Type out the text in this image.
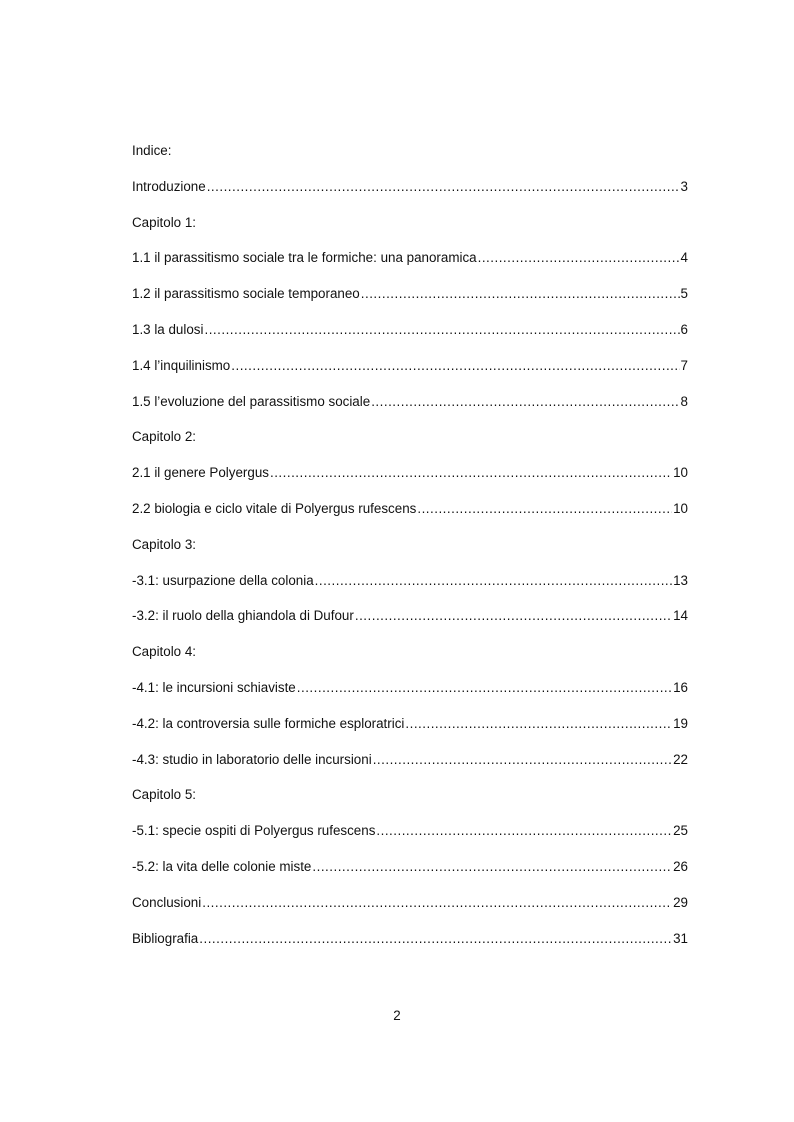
Indice:
Introduzione .....	3
Capitolo 1:
1.1 il parassitismo sociale tra le formiche: una panoramica .....	4
1.2 il parassitismo sociale temporaneo .....	5
1.3 la dulosi .....	6
1.4 l’inquilinismo .....	7
1.5 l’evoluzione del parassitismo sociale .....	8
Capitolo 2:
2.1 il genere Polyergus .....	10
2.2 biologia e ciclo vitale di Polyergus rufescens .....	10
Capitolo 3:
-3.1: usurpazione della colonia .....	13
-3.2: il ruolo della ghiandola di Dufour .....	14
Capitolo 4:
-4.1: le incursioni schiaviste .....	16
-4.2: la controversia sulle formiche esploratrici .....	19
-4.3: studio in laboratorio delle incursioni .....	22
Capitolo 5:
-5.1: specie ospiti di Polyergus rufescens .....	25
-5.2: la vita delle colonie miste .....	26
Conclusioni .....	29
Bibliografia .....	31
2
